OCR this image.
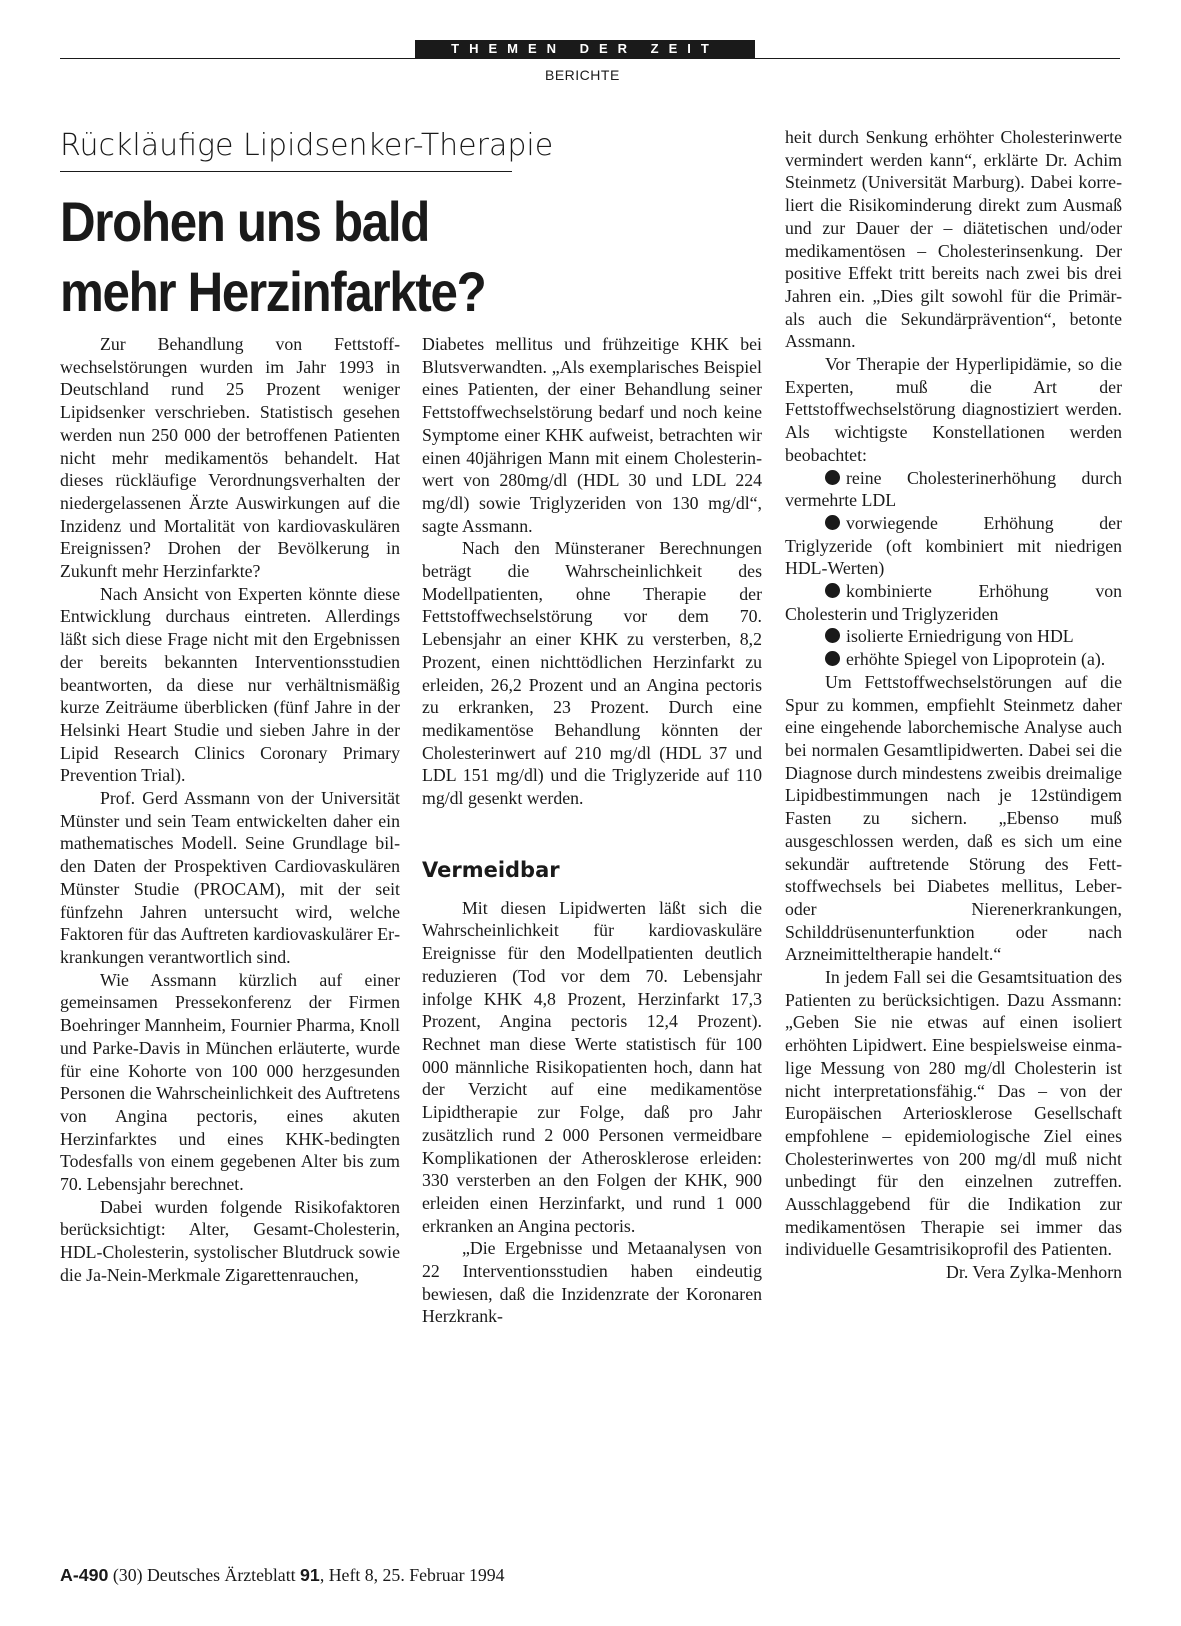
THEMEN DER ZEIT
BERICHTE
Rückläufige Lipidsenker-Therapie
Drohen uns bald
mehr Herzinfarkte?

Zur Behandlung von Fettstoffwechselstörungen wurden im Jahr 1993 in Deutschland rund 25 Prozent weniger Lipidsenker verschrieben. Statistisch gesehen werden nun 250 000 der betroffenen Patienten nicht mehr medikamentös behandelt. Hat dieses rückläufige Verordnungsverhalten der niedergelassenen Ärzte Auswirkungen auf die Inzidenz und Mortalität von kardiovaskulären Ereignissen? Drohen der Bevölkerung in Zukunft mehr Herzinfarkte?

Nach Ansicht von Experten könnte diese Entwicklung durchaus eintreten. Allerdings läßt sich diese Frage nicht mit den Ergebnissen der bereits bekannten Interventionsstudien beantworten, da diese nur verhältnismäßig kurze Zeiträume überblicken (fünf Jahre in der Helsinki Heart Studie und sieben Jahre in der Lipid Research Clinics Coronary Primary Prevention Trial).

Prof. Gerd Assmann von der Universität Münster und sein Team entwickelten daher ein mathematisches Modell. Seine Grundlage bilden Daten der Prospektiven Cardiovaskulären Münster Studie (PROCAM), mit der seit fünfzehn Jahren untersucht wird, welche Faktoren für das Auftreten kardiovaskulärer Erkrankungen verantwortlich sind.

Wie Assmann kürzlich auf einer gemeinsamen Pressekonferenz der Firmen Boehringer Mannheim, Fournier Pharma, Knoll und Parke-Davis in München erläuterte, wurde für eine Kohorte von 100 000 herzgesunden Personen die Wahrscheinlichkeit des Auftretens von Angina pectoris, eines akuten Herzinfarktes und eines KHK-bedingten Todesfalls von einem gegebenen Alter bis zum 70. Lebensjahr berechnet.

Dabei wurden folgende Risikofaktoren berücksichtigt: Alter, Gesamt-Cholesterin, HDL-Cholesterin, systolischer Blutdruck sowie die Ja-Nein-Merkmale Zigarettenrauchen,

Diabetes mellitus und frühzeitige KHK bei Blutsverwandten. „Als exemplarisches Beispiel eines Patienten, der einer Behandlung seiner Fettstoffwechselstörung bedarf und noch keine Symptome einer KHK aufweist, betrachten wir einen 40jährigen Mann mit einem Cholesterinwert von 280mg/dl (HDL 30 und LDL 224 mg/dl) sowie Triglyzeriden von 130 mg/dl“, sagte Assmann.

Nach den Münsteraner Berechnungen beträgt die Wahrscheinlichkeit des Modellpatienten, ohne Therapie der Fettstoffwechselstörung vor dem 70. Lebensjahr an einer KHK zu versterben, 8,2 Prozent, einen nichttödlichen Herzinfarkt zu erleiden, 26,2 Prozent und an Angina pectoris zu erkranken, 23 Prozent. Durch eine medikamentöse Behandlung könnten der Cholesterinwert auf 210 mg/dl (HDL 37 und LDL 151 mg/dl) und die Triglyzeride auf 110 mg/dl gesenkt werden.

Vermeidbar

Mit diesen Lipidwerten läßt sich die Wahrscheinlichkeit für kardiovaskuläre Ereignisse für den Modellpatienten deutlich reduzieren (Tod vor dem 70. Lebensjahr infolge KHK 4,8 Prozent, Herzinfarkt 17,3 Prozent, Angina pectoris 12,4 Prozent). Rechnet man diese Werte statistisch für 100 000 männliche Risikopatienten hoch, dann hat der Verzicht auf eine medikamentöse Lipidtherapie zur Folge, daß pro Jahr zusätzlich rund 2 000 Personen vermeidbare Komplikationen der Atherosklerose erleiden: 330 versterben an den Folgen der KHK, 900 erleiden einen Herzinfarkt, und rund 1 000 erkranken an Angina pectoris.

„Die Ergebnisse und Metaanalysen von 22 Interventionsstudien haben eindeutig bewiesen, daß die Inzidenzrate der Koronaren Herzkrank-

heit durch Senkung erhöhter Cholesterinwerte vermindert werden kann“, erklärte Dr. Achim Steinmetz (Universität Marburg). Dabei korreliert die Risikominderung direkt zum Ausmaß und zur Dauer der – diätetischen und/oder medikamentösen – Cholesterinsenkung. Der positive Effekt tritt bereits nach zwei bis drei Jahren ein. „Dies gilt sowohl für die Primär- als auch die Sekundärprävention“, betonte Assmann.

Vor Therapie der Hyperlipidämie, so die Experten, muß die Art der Fettstoffwechselstörung diagnostiziert werden. Als wichtigste Konstellationen werden beobachtet:

reine Cholesterinerhöhung durch vermehrte LDL

vorwiegende Erhöhung der Triglyzeride (oft kombiniert mit niedrigen HDL-Werten)

kombinierte Erhöhung von Cholesterin und Triglyzeriden

isolierte Erniedrigung von HDL

erhöhte Spiegel von Lipoprotein (a).

Um Fettstoffwechselstörungen auf die Spur zu kommen, empfiehlt Steinmetz daher eine eingehende laborchemische Analyse auch bei normalen Gesamtlipidwerten. Dabei sei die Diagnose durch mindestens zweibis dreimalige Lipidbestimmungen nach je 12stündigem Fasten zu sichern. „Ebenso muß ausgeschlossen werden, daß es sich um eine sekundär auftretende Störung des Fettstoffwechsels bei Diabetes mellitus, Leber- oder Nierenerkrankungen, Schilddrüsenunterfunktion oder nach Arzneimitteltherapie handelt.“

In jedem Fall sei die Gesamtsituation des Patienten zu berücksichtigen. Dazu Assmann: „Geben Sie nie etwas auf einen isoliert erhöhten Lipidwert. Eine bespielsweise einmalige Messung von 280 mg/dl Cholesterin ist nicht interpretationsfähig.“ Das – von der Europäischen Arteriosklerose Gesellschaft empfohlene – epidemiologische Ziel eines Cholesterinwertes von 200 mg/dl muß nicht unbedingt für den einzelnen zutreffen. Ausschlaggebend für die Indikation zur medikamentösen Therapie sei immer das individuelle Gesamtrisikoprofil des Patienten.

Dr. Vera Zylka-Menhorn

A-490 (30) Deutsches Ärzteblatt 91, Heft 8, 25. Februar 1994
